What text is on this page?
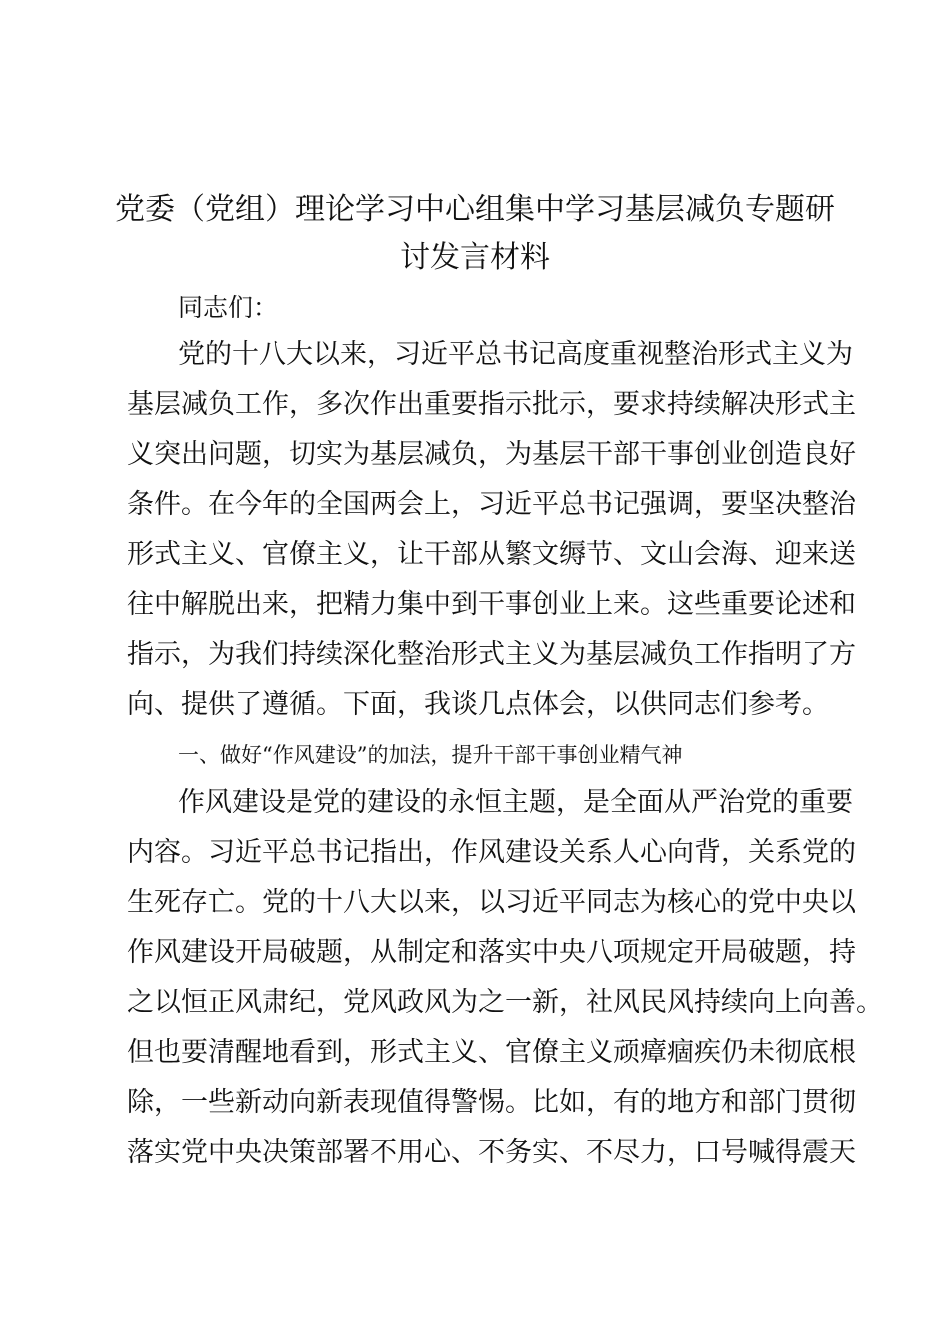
党委（党组）理论学习中心组集中学习基层减负专题研
讨发言材料
同志们：
党的十八大以来，习近平总书记高度重视整治形式主义为
基层减负工作，多次作出重要指示批示，要求持续解决形式主
义突出问题，切实为基层减负，为基层干部干事创业创造良好
条件。在今年的全国两会上，习近平总书记强调，要坚决整治
形式主义、官僚主义，让干部从繁文缛节、文山会海、迎来送
往中解脱出来，把精力集中到干事创业上来。这些重要论述和
指示，为我们持续深化整治形式主义为基层减负工作指明了方
向、提供了遵循。下面，我谈几点体会，以供同志们参考。
一、做好“作风建设”的加法，提升干部干事创业精气神
作风建设是党的建设的永恒主题，是全面从严治党的重要
内容。习近平总书记指出，作风建设关系人心向背，关系党的
生死存亡。党的十八大以来，以习近平同志为核心的党中央以
作风建设开局破题，从制定和落实中央八项规定开局破题，持
之以恒正风肃纪，党风政风为之一新，社风民风持续向上向善。
但也要清醒地看到，形式主义、官僚主义顽瘴痼疾仍未彻底根
除，一些新动向新表现值得警惕。比如，有的地方和部门贯彻
落实党中央决策部署不用心、不务实、不尽力，口号喊得震天
